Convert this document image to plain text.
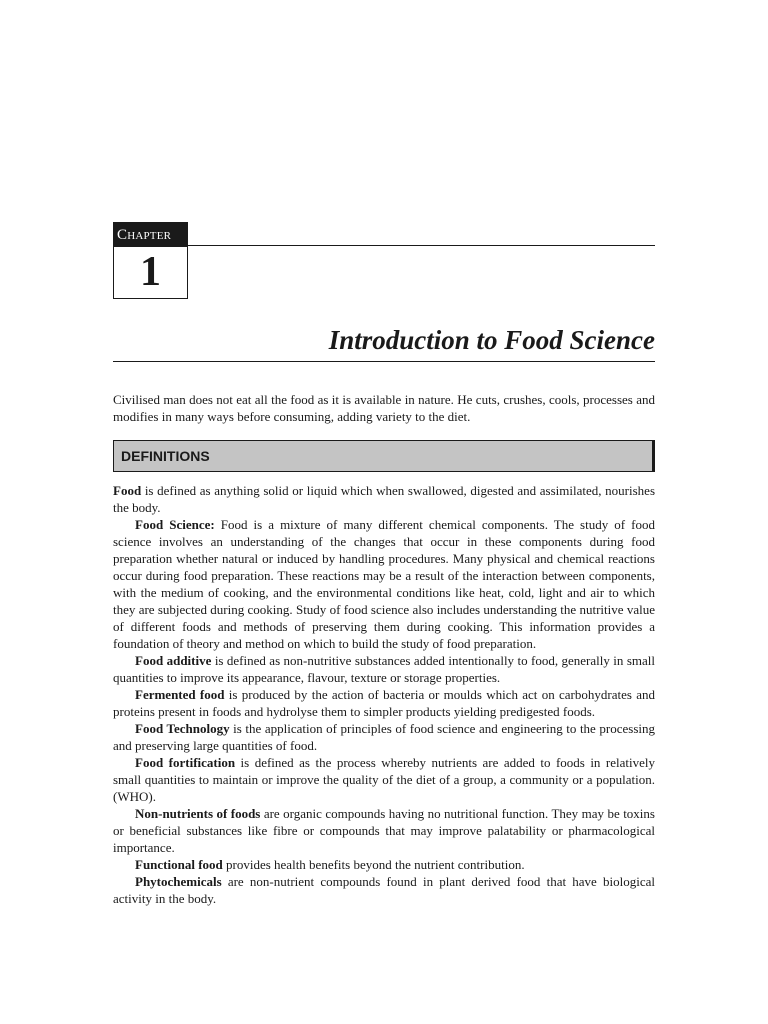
Chapter
1
Introduction to Food Science
Civilised man does not eat all the food as it is available in nature. He cuts, crushes, cools, processes and modifies in many ways before consuming, adding variety to the diet.
DEFINITIONS

Food is defined as anything solid or liquid which when swallowed, digested and assimilated, nourishes the body.

Food Science: Food is a mixture of many different chemical components. The study of food science involves an understanding of the changes that occur in these components during food preparation whether natural or induced by handling procedures. Many physical and chemical reactions occur during food preparation. These reactions may be a result of the interaction between components, with the medium of cooking, and the environmental conditions like heat, cold, light and air to which they are subjected during cooking. Study of food science also includes understanding the nutritive value of different foods and methods of preserving them during cooking. This information provides a foundation of theory and method on which to build the study of food preparation.

Food additive is defined as non-nutritive substances added intentionally to food, generally in small quantities to improve its appearance, flavour, texture or storage properties.

Fermented food is produced by the action of bacteria or moulds which act on carbohydrates and proteins present in foods and hydrolyse them to simpler products yielding predigested foods.

Food Technology is the application of principles of food science and engineering to the processing and preserving large quantities of food.

Food fortification is defined as the process whereby nutrients are added to foods in relatively small quantities to maintain or improve the quality of the diet of a group, a community or a population. (WHO).

Non-nutrients of foods are organic compounds having no nutritional function. They may be toxins or beneficial substances like fibre or compounds that may improve palatability or pharmacological importance.

Functional food provides health benefits beyond the nutrient contribution.

Phytochemicals are non-nutrient compounds found in plant derived food that have biological activity in the body.
